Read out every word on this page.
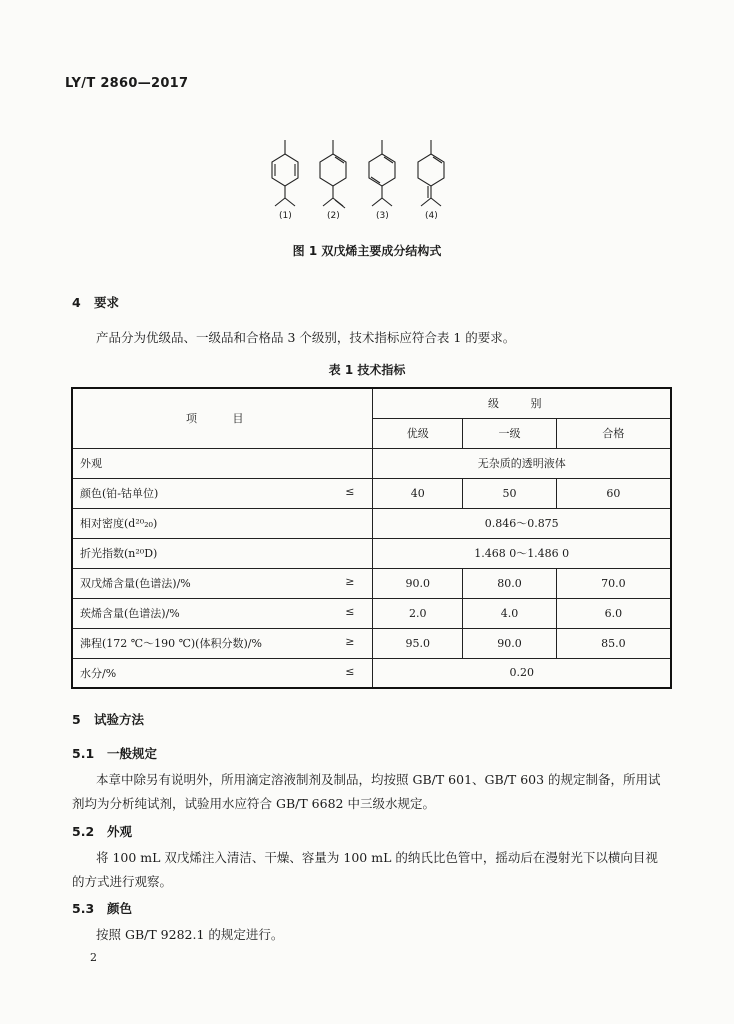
LY/T 2860—2017
(1)	(2)	(3)	(4)
图 1 双戊烯主要成分结构式
4 要求
产品分为优级品、一级品和合格品 3 个级别，技术指标应符合表 1 的要求。
表 1 技术指标
项 目	级 别		
	优级	一级	合格
外观	无杂质的透明液体		
颜色(铂-钴单位) ≤	40	50	60
相对密度(d²⁰₂₀)	0.846～0.875		
折光指数(n²⁰D)	1.468 0～1.486 0		
双戊烯含量(色谱法)/% ≥	90.0	80.0	70.0
莰烯含量(色谱法)/% ≤	2.0	4.0	6.0
沸程(172 ℃～190 ℃)(体积分数)/% ≥	95.0	90.0	85.0
水分/% ≤	0.20		
5 试验方法
5.1 一般规定
本章中除另有说明外，所用滴定溶液制剂及制品，均按照 GB/T 601、GB/T 603 的规定制备，所用试剂均为分析纯试剂，试验用水应符合 GB/T 6682 中三级水规定。
5.2 外观
将 100 mL 双戊烯注入清洁、干燥、容量为 100 mL 的纳氏比色管中，摇动后在漫射光下以横向目视的方式进行观察。
5.3 颜色
按照 GB/T 9282.1 的规定进行。
2
